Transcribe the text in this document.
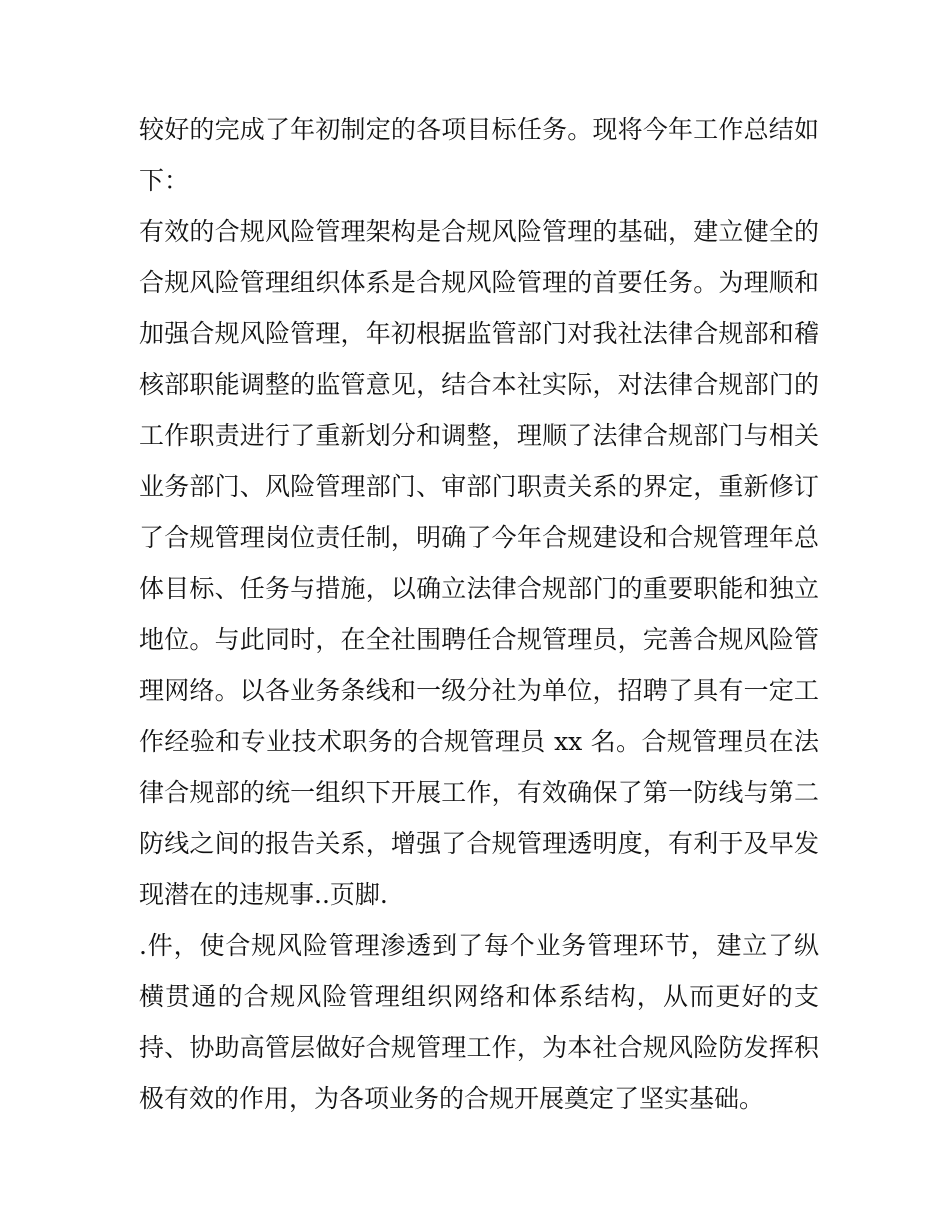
较好的完成了年初制定的各项目标任务。现将今年工作总结如
下：
有效的合规风险管理架构是合规风险管理的基础，建立健全的
合规风险管理组织体系是合规风险管理的首要任务。为理顺和
加强合规风险管理，年初根据监管部门对我社法律合规部和稽
核部职能调整的监管意见，结合本社实际，对法律合规部门的
工作职责进行了重新划分和调整，理顺了法律合规部门与相关
业务部门、风险管理部门、审部门职责关系的界定，重新修订
了合规管理岗位责任制，明确了今年合规建设和合规管理年总
体目标、任务与措施，以确立法律合规部门的重要职能和独立
地位。与此同时，在全社围聘任合规管理员，完善合规风险管
理网络。以各业务条线和一级分社为单位，招聘了具有一定工
作经验和专业技术职务的合规管理员 xx 名。合规管理员在法
律合规部的统一组织下开展工作，有效确保了第一防线与第二
防线之间的报告关系，增强了合规管理透明度，有利于及早发
现潜在的违规事..页脚.
.件，使合规风险管理渗透到了每个业务管理环节，建立了纵
横贯通的合规风险管理组织网络和体系结构，从而更好的支
持、协助高管层做好合规管理工作，为本社合规风险防发挥积
极有效的作用，为各项业务的合规开展奠定了坚实基础。
